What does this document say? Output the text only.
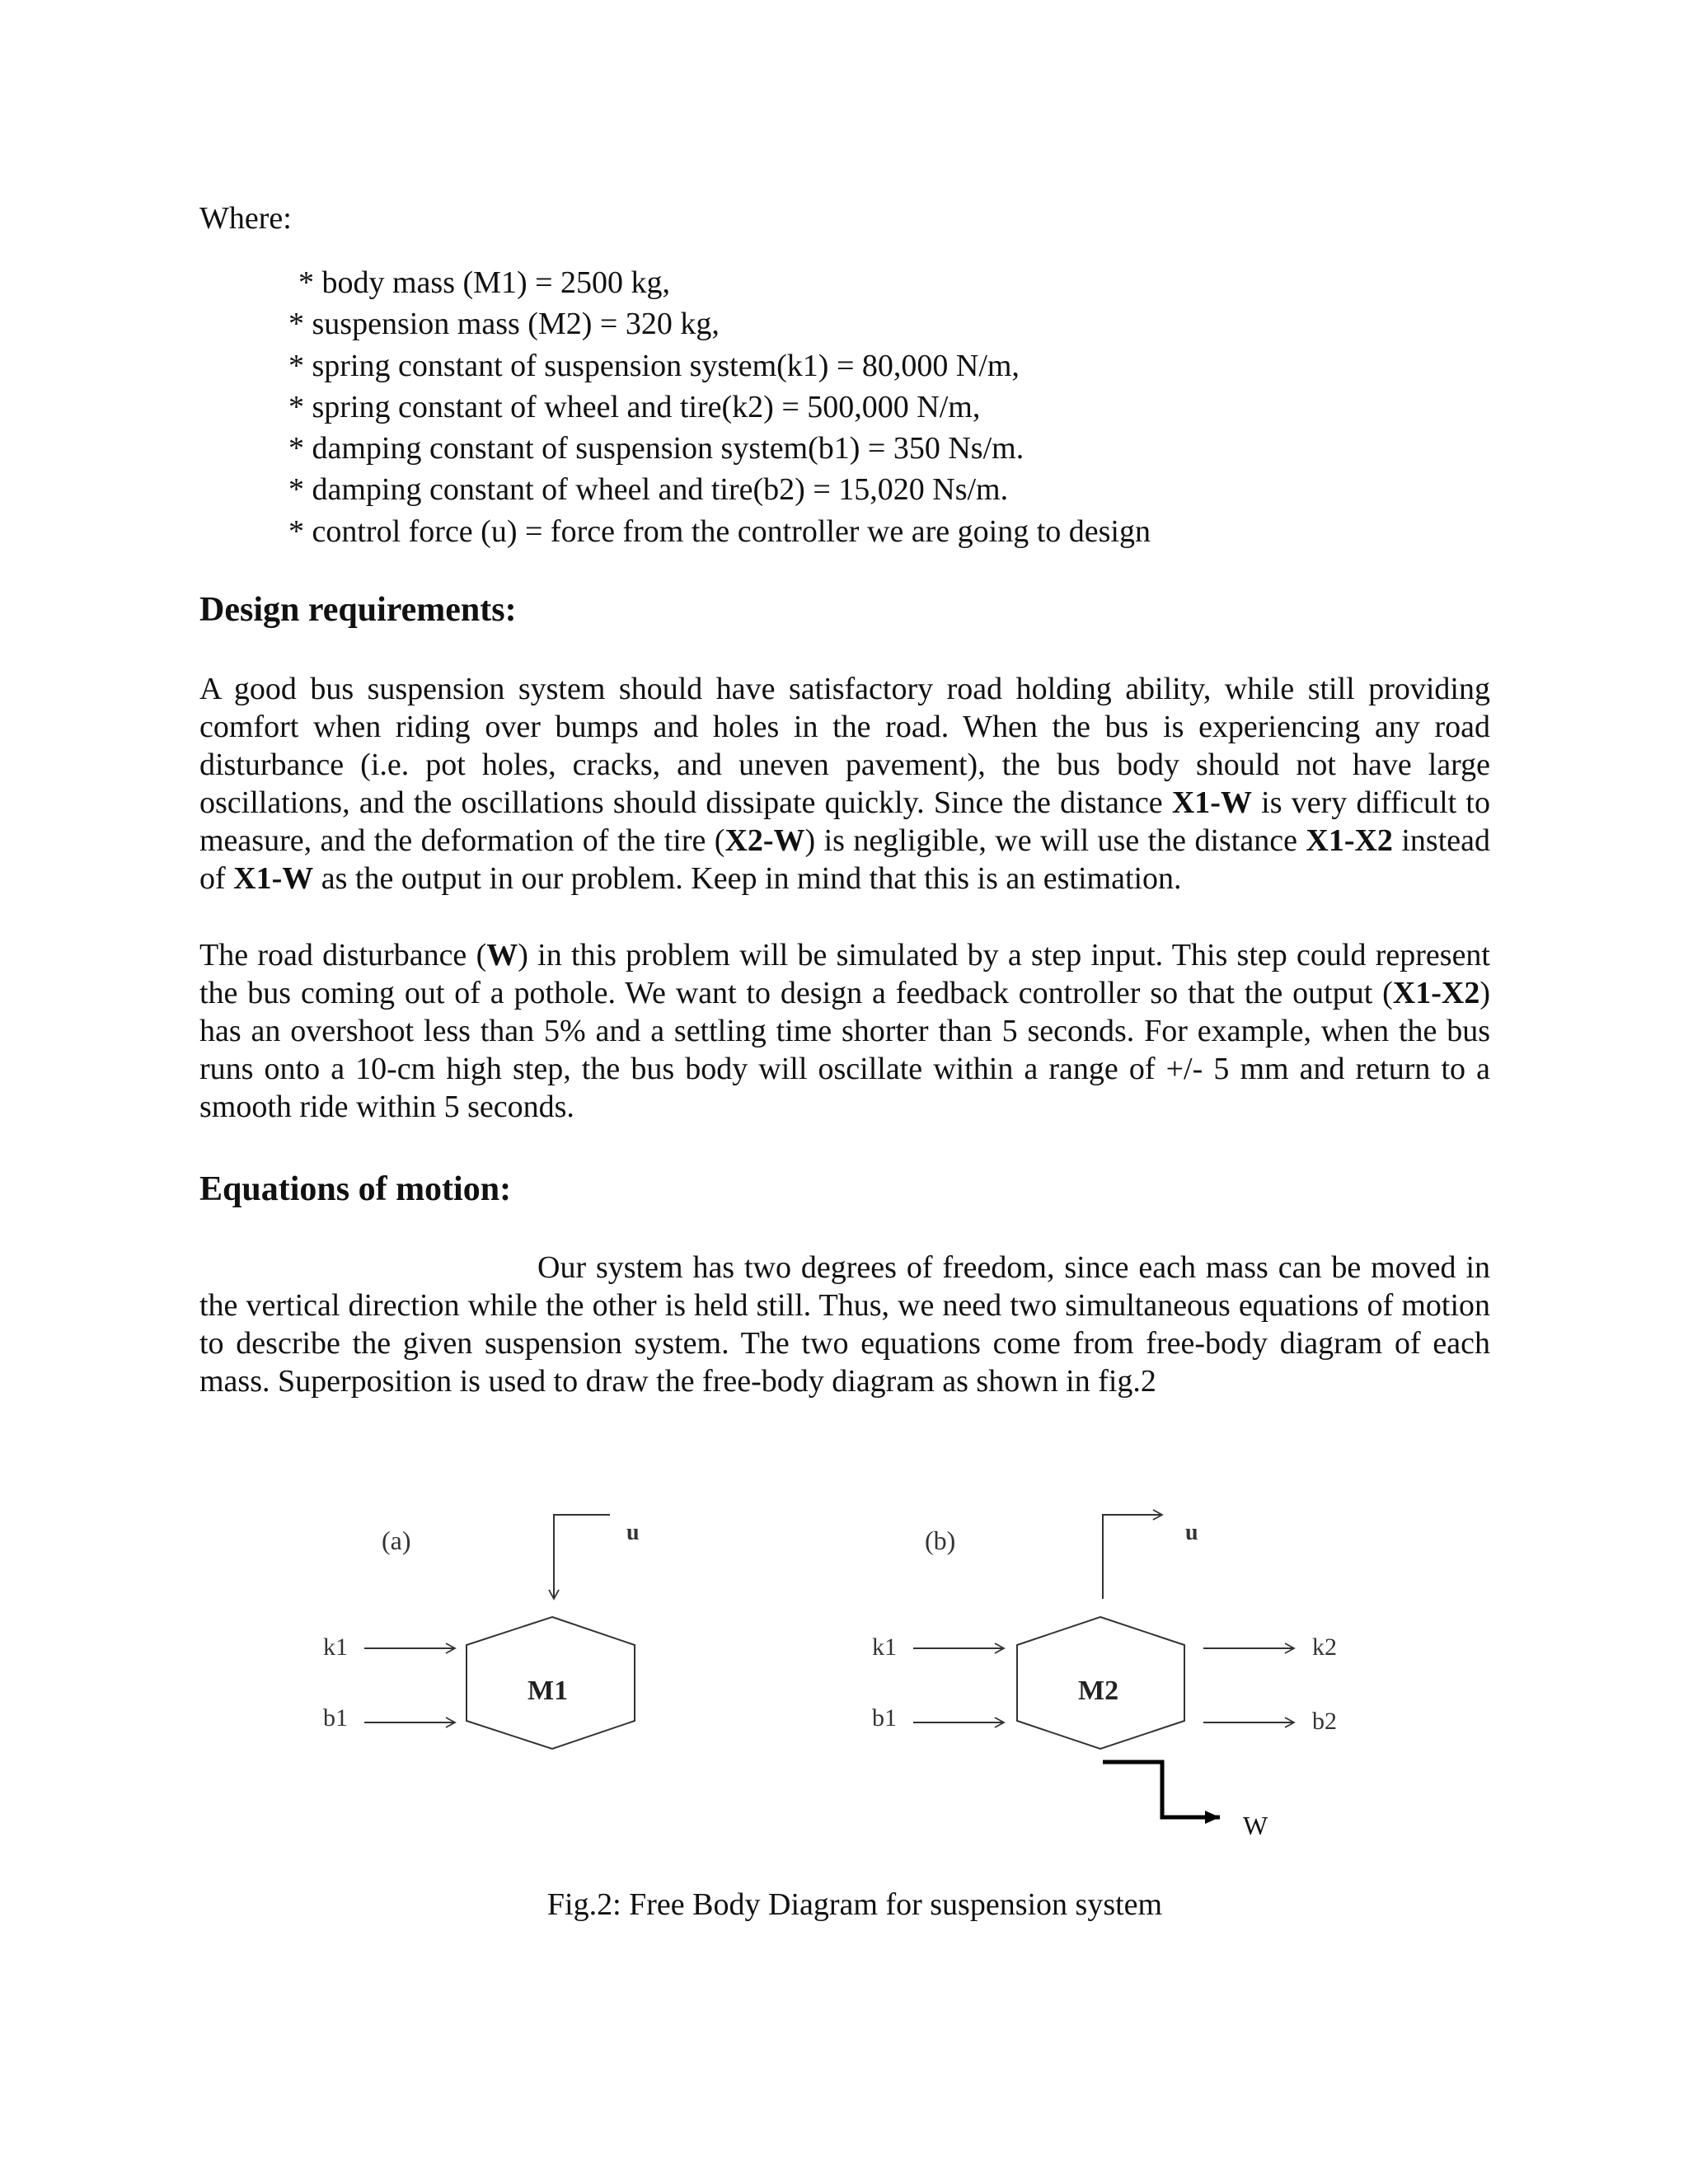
Where:
* body mass (M1) = 2500 kg,
* suspension mass (M2) = 320 kg,
* spring constant of suspension system(k1) = 80,000 N/m,
* spring constant of wheel and tire(k2) = 500,000 N/m,
* damping constant of suspension system(b1) = 350 Ns/m.
* damping constant of wheel and tire(b2) = 15,020 Ns/m.
* control force (u) = force from the controller we are going to design
Design requirements:

A good bus suspension system should have satisfactory road holding ability, while still providing comfort when riding over bumps and holes in the road. When the bus is experiencing any road disturbance (i.e. pot holes, cracks, and uneven pavement), the bus body should not have large oscillations, and the oscillations should dissipate quickly. Since the distance X1-W is very difficult to measure, and the deformation of the tire (X2-W) is negligible, we will use the distance X1-X2 instead of X1-W as the output in our problem. Keep in mind that this is an estimation.

The road disturbance (W) in this problem will be simulated by a step input. This step could represent the bus coming out of a pothole. We want to design a feedback controller so that the output (X1-X2) has an overshoot less than 5% and a settling time shorter than 5 seconds. For example, when the bus runs onto a 10-cm high step, the bus body will oscillate within a range of +/- 5 mm and return to a smooth ride within 5 seconds.

Equations of motion:

Our system has two degrees of freedom, since each mass can be moved in the vertical direction while the other is held still. Thus, we need two simultaneous equations of motion to describe the given suspension system. The two equations come from free-body diagram of each mass. Superposition is used to draw the free-body diagram as shown in fig.2

(a)	u
M1
k1
b1
(b)	u
M2
k1
b1
k2
b2
W
Fig.2: Free Body Diagram for suspension system
